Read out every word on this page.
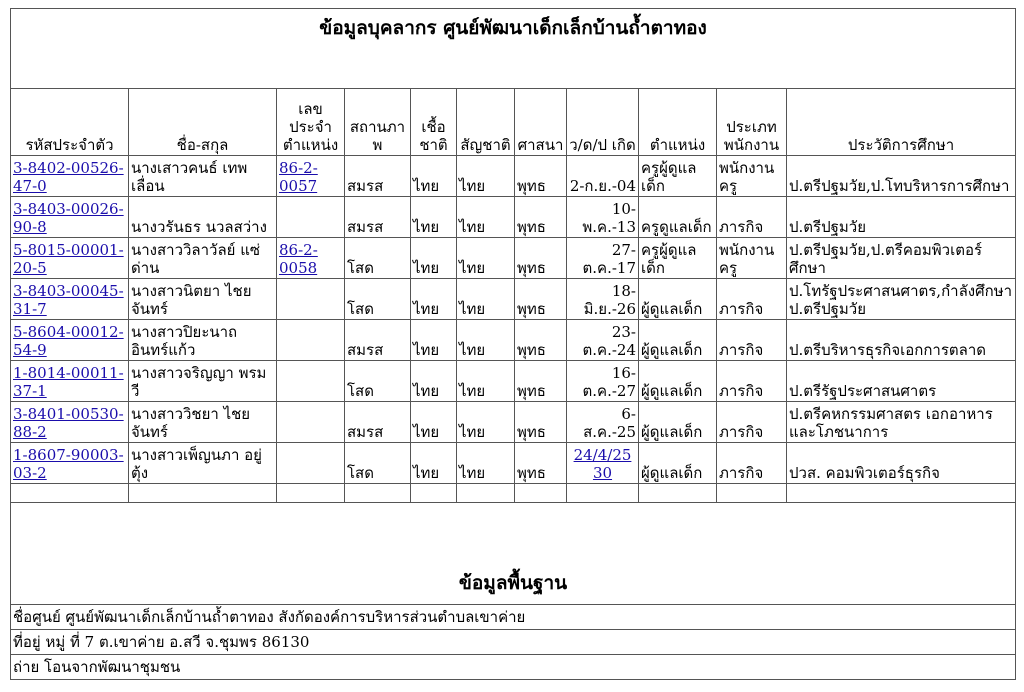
ข้อมูลบุคลากร ศูนย์พัฒนาเด็กเล็กบ้านถ้ำตาทอง										
รหัสประจำตัว	ชื่อ-สกุล	เลขประจำตำแหน่ง	สถานภาพ	เชื้อชาติ	สัญชาติ	ศาสนา	ว/ด/ป เกิด	ตำแหน่ง	ประเภทพนักงาน	ประวัติการศึกษา
3-8402-00526-47-0	นางเสาวคนธ์ เทพเลื่อน	86-2-0057	สมรส	ไทย	ไทย	พุทธ	2-ก.ย.-04	ครูผู้ดูแลเด็ก	พนักงานครู	ป.ตรีปฐมวัย,ป.โทบริหารการศึกษา
3-8403-00026-90-8	นางวรันธร นวลสว่าง		สมรส	ไทย	ไทย	พุทธ	10-พ.ค.-13	ครูดูแลเด็ก	ภารกิจ	ป.ตรีปฐมวัย
5-8015-00001-20-5	นางสาววิลาวัลย์ แซ่ด่าน	86-2-0058	โสด	ไทย	ไทย	พุทธ	27-ต.ค.-17	ครูผู้ดูแลเด็ก	พนักงานครู	ป.ตรีปฐมวัย,ป.ตรีคอมพิวเตอร์ศึกษา
3-8403-00045-31-7	นางสาวนิตยา ไชยจันทร์		โสด	ไทย	ไทย	พุทธ	18-มิ.ย.-26	ผู้ดูแลเด็ก	ภารกิจ	ป.โทรัฐประศาสนศาตร,กำลังศึกษาป.ตรีปฐมวัย
5-8604-00012-54-9	นางสาวปิยะนาถ อินทร์แก้ว		สมรส	ไทย	ไทย	พุทธ	23-ต.ค.-24	ผู้ดูแลเด็ก	ภารกิจ	ป.ตรีบริหารธุรกิจเอกการตลาด
1-8014-00011-37-1	นางสาวจริญญา พรมวี		โสด	ไทย	ไทย	พุทธ	16-ต.ค.-27	ผู้ดูแลเด็ก	ภารกิจ	ป.ตรีรัฐประศาสนศาตร
3-8401-00530-88-2	นางสาววิชยา ไชยจันทร์		สมรส	ไทย	ไทย	พุทธ	6-ส.ค.-25	ผู้ดูแลเด็ก	ภารกิจ	ป.ตรีคหกรรมศาสตร เอกอาหารและโภชนาการ
1-8607-90003-03-2	นางสาวเพ็ญนภา อยู่ตุ้ง		โสด	ไทย	ไทย	พุทธ	24/4/2530	ผู้ดูแลเด็ก	ภารกิจ	ปวส. คอมพิวเตอร์ธุรกิจ

ข้อมูลพื้นฐาน										
ชื่อศูนย์ ศูนย์พัฒนาเด็กเล็กบ้านถ้ำตาทอง สังกัดองค์การบริหารส่วนตำบลเขาค่าย										
ที่อยู่ หมู่ ที่ 7 ต.เขาค่าย อ.สวี จ.ชุมพร 86130										
ถ่าย โอนจากพัฒนาชุมชน										
